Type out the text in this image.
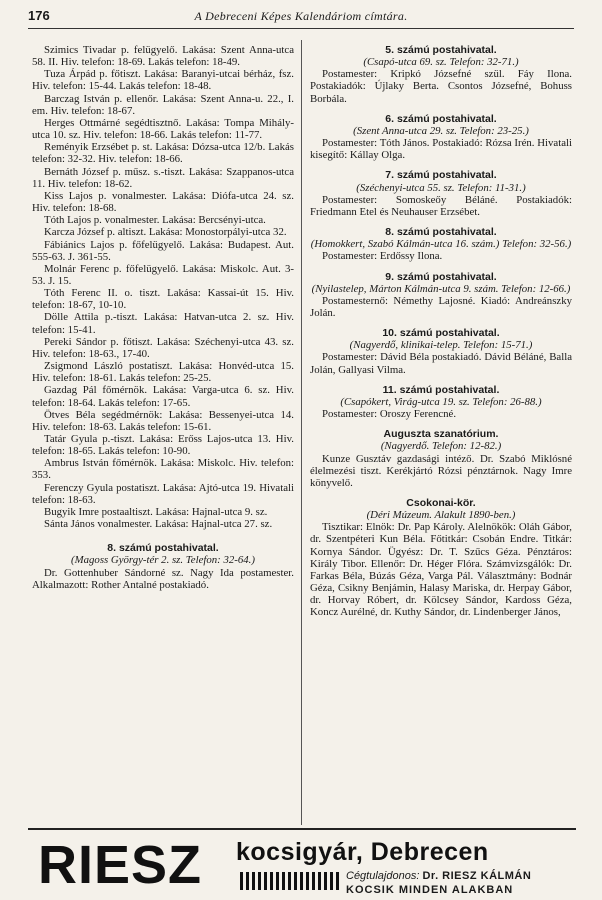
176	A Debreceni Képes Kalendáriom címtára.

Szimics Tivadar p. felügyelő. Lakása: Szent Anna-utca 58. II. Hiv. telefon: 18-69. Lakás telefon: 18-49.

Tuza Árpád p. főtiszt. Lakása: Baranyi-utcai bérház, fsz. Hiv. telefon: 15-44. Lakás telefon: 18-48.

Barczag István p. ellenőr. Lakása: Szent Anna-u. 22., I. em. Hiv. telefon: 18-67.

Herges Ottmárné segédtisztnő. Lakása: Tompa Mihály-utca 10. sz. Hiv. telefon: 18-66. Lakás telefon: 11-77.

Reményik Erzsébet p. st. Lakása: Dózsa-utca 12/b. Lakás telefon: 32-32. Hiv. telefon: 18-66.

Bernáth József p. műsz. s.-tiszt. Lakása: Szappanos-utca 11. Hiv. telefon: 18-62.

Kiss Lajos p. vonalmester. Lakása: Diófa-utca 24. sz. Hiv. telefon: 18-68.

Tóth Lajos p. vonalmester. Lakása: Bercsényi-utca.

Karcza József p. altiszt. Lakása: Monostorpályi-utca 32.

Fábiánics Lajos p. főfelügyelő. Lakása: Budapest. Aut. 555-63. J. 361-55.

Molnár Ferenc p. főfelügyelő. Lakása: Miskolc. Aut. 3-53. J. 15.

Tóth Ferenc II. o. tiszt. Lakása: Kassai-út 15. Hiv. telefon: 18-67, 10-10.

Dölle Attila p.-tiszt. Lakása: Hatvan-utca 2. sz. Hiv. telefon: 15-41.

Pereki Sándor p. főtiszt. Lakása: Széchenyi-utca 43. sz. Hiv. telefon: 18-63., 17-40.

Zsigmond László postatiszt. Lakása: Honvéd-utca 15. Hiv. telefon: 18-61. Lakás telefon: 25-25.

Gazdag Pál főmérnök. Lakása: Varga-utca 6. sz. Hiv. telefon: 18-64. Lakás telefon: 17-65.

Ötves Béla segédmérnök: Lakása: Bessenyei-utca 14. Hiv. telefon: 18-63. Lakás telefon: 15-61.

Tatár Gyula p.-tiszt. Lakása: Erőss Lajos-utca 13. Hiv. telefon: 18-65. Lakás telefon: 10-90.

Ambrus István főmérnök. Lakása: Miskolc. Hiv. telefon: 353.

Ferenczy Gyula postatiszt. Lakása: Ajtó-utca 19. Hivatali telefon: 18-63.

Bugyik Imre postaaltiszt. Lakása: Hajnal-utca 9. sz.

Sánta János vonalmester. Lakása: Hajnal-utca 27. sz.

8. számú postahivatal.

(Magoss György-tér 2. sz. Telefon: 32-64.)

Dr. Gottenhuber Sándorné sz. Nagy Ida postamester. Alkalmazott: Rother Antalné postakiadó.

5. számú postahivatal.

(Csapó-utca 69. sz. Telefon: 32-71.)

Postamester: Kripkó Józsefné szül. Fáy Ilona. Postakiadók: Újlaky Berta. Csontos Józsefné, Bohuss Borbála.

6. számú postahivatal.

(Szent Anna-utca 29. sz. Telefon: 23-25.)

Postamester: Tóth János. Postakiadó: Rózsa Irén. Hivatali kisegítő: Kállay Olga.

7. számú postahivatal.

(Széchenyi-utca 55. sz. Telefon: 11-31.)

Postamester: Somoskeőy Béláné. Postakiadók: Friedmann Etel és Neuhauser Erzsébet.

8. számú postahivatal.

(Homokkert, Szabó Kálmán-utca 16. szám.) Telefon: 32-56.)

Postamester: Erdőssy Ilona.

9. számú postahivatal.

(Nyilastelep, Márton Kálmán-utca 9. szám. Telefon: 12-66.)

Postamesternő: Némethy Lajosné. Kiadó: Andreánszky Jolán.

10. számú postahivatal.

(Nagyerdő, klinikai-telep. Telefon: 15-71.)

Postamester: Dávid Béla postakiadó. Dávid Béláné, Balla Jolán, Gallyasi Vilma.

11. számú postahivatal.

(Csapókert, Virág-utca 19. sz. Telefon: 26-88.)

Postamester: Oroszy Ferencné.

Auguszta szanatórium.

(Nagyerdő. Telefon: 12-82.)

Kunze Gusztáv gazdasági intéző. Dr. Szabó Miklósné élelmezési tiszt. Kerékjártó Rózsi pénztárnok. Nagy Imre könyvelő.

Csokonai-kör.

(Déri Múzeum. Alakult 1890-ben.)

Tisztikar: Elnök: Dr. Pap Károly. Alelnökök: Oláh Gábor, dr. Szentpéteri Kun Béla. Főtitkár: Csobán Endre. Titkár: Kornya Sándor. Ügyész: Dr. T. Szűcs Géza. Pénztáros: Király Tibor. Ellenőr: Dr. Héger Flóra. Számvizsgálók: Dr. Farkas Béla, Búzás Géza, Varga Pál. Választmány: Bodnár Géza, Csikny Benjámin, Halasy Mariska, dr. Herpay Gábor, dr. Horvay Róbert, dr. Kölcsey Sándor, Kardoss Géza, Koncz Aurélné, dr. Kuthy Sándor, dr. Lindenberger János,

RIESZ kocsigyár, Debrecen
Cégtulajdonos: Dr. RIESZ KÁLMÁN
KOCSIK MINDEN ALAKBAN
